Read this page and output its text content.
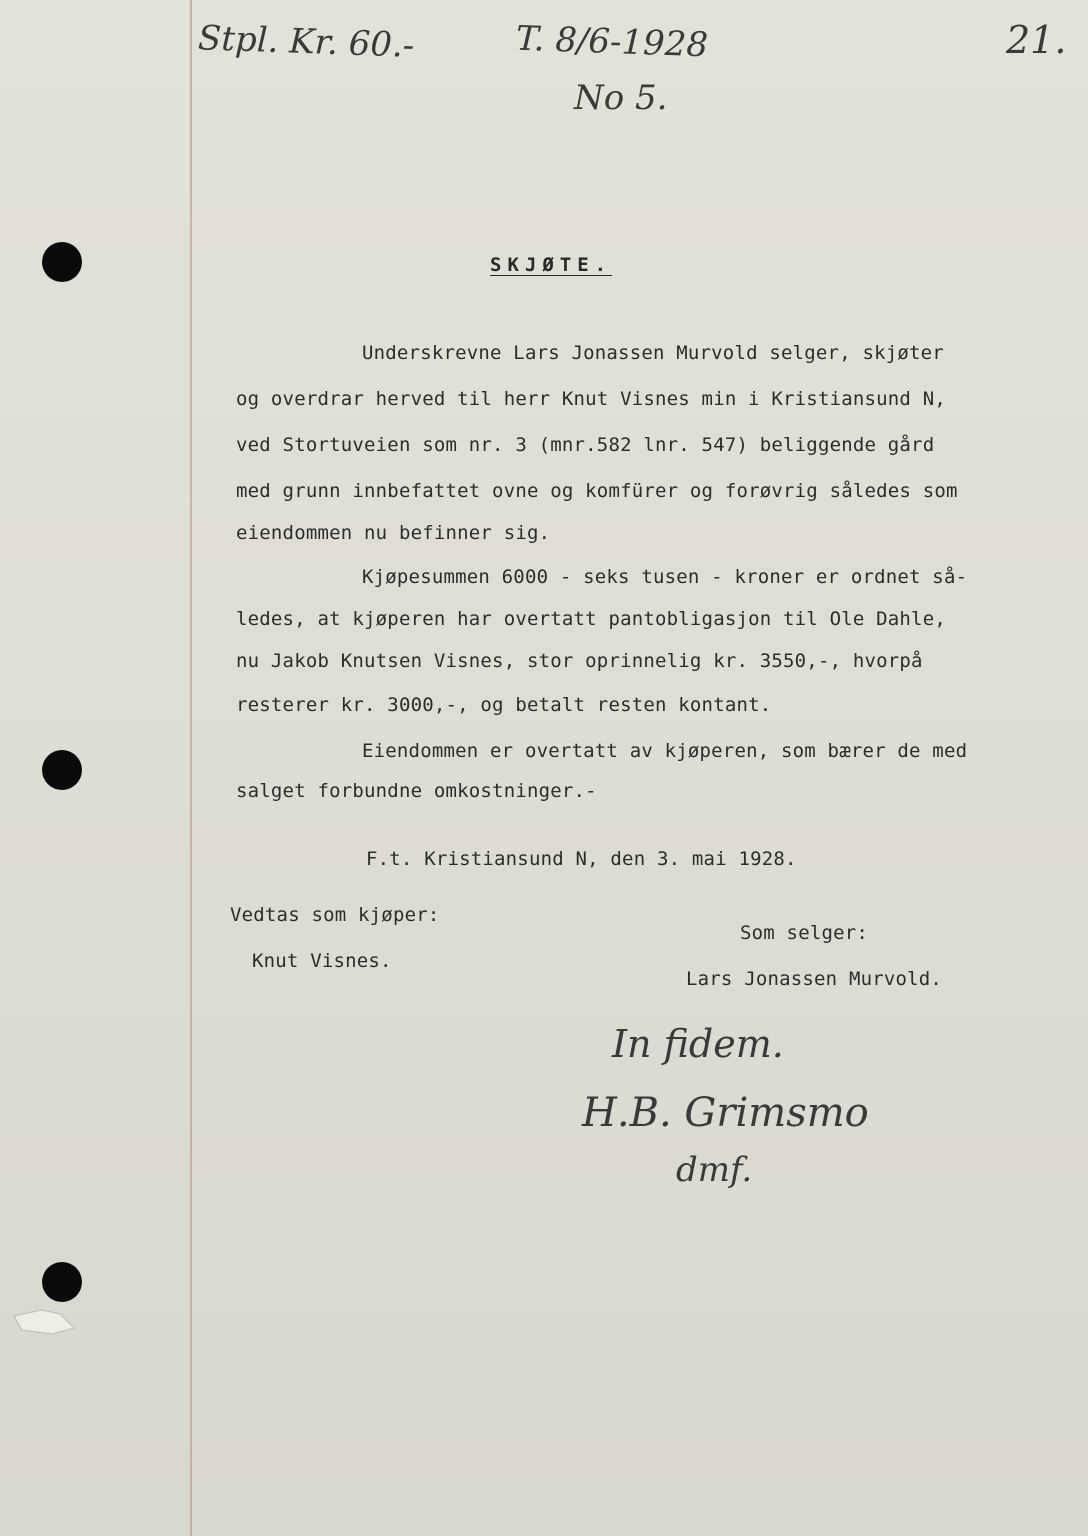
Stpl. Kr. 60.-	T. 8/6-1928
No 5.
21.
SKJØTE.
Underskrevne Lars Jonassen Murvold selger, skjøter
og overdrar herved til herr Knut Visnes min i Kristiansund N,
ved Stortuveien som nr. 3 (mnr.582 lnr. 547) beliggende gård
med grunn innbefattet ovne og komfürer og forøvrig således som
eiendommen nu befinner sig.
Kjøpesummen 6000 - seks tusen - kroner er ordnet så-
ledes, at kjøperen har overtatt pantobligasjon til Ole Dahle,
nu Jakob Knutsen Visnes, stor oprinnelig kr. 3550,-, hvorpå
resterer kr. 3000,-, og betalt resten kontant.
Eiendommen er overtatt av kjøperen, som bærer de med
salget forbundne omkostninger.-
F.t. Kristiansund N, den 3. mai 1928.
Vedtas som kjøper:
Knut Visnes.
Som selger:
Lars Jonassen Murvold.
In fidem.
H.B. Grimsmo
dmf.
